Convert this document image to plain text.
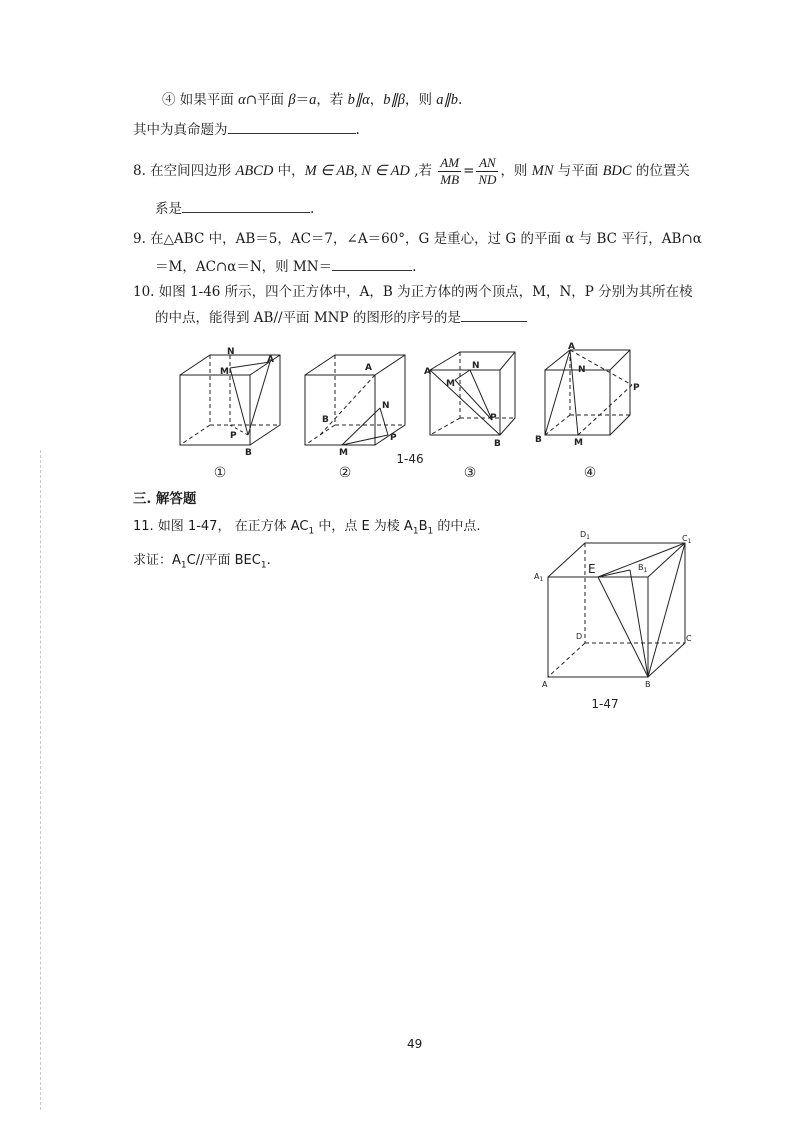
④ 如果平面 α∩平面 β＝a，若 b∥α，b∥β，则 a∥b.
其中为真命题为	.
8. 在空间四边形 ABCD 中，M ∈ AB, N ∈ AD ,若 $\frac{AM}{MB} = \frac{AN}{ND}$ ，则 MN 与平面 BDC 的位置关
系是	.
9. 在△ABC 中，AB＝5，AC＝7，∠A＝60°，G 是重心，过 G 的平面 α 与 BC 平行，AB∩α
＝M，AC∩α＝N，则 MN＝	.
10. 如图 1-46 所示，四个正方体中，A，B 为正方体的两个顶点，M，N，P 分别为其所在棱
的中点，能得到 AB//平面 MNP 的图形的序号的是
N
M
A
P
B
A
B
N
M
P
A
N
M
P
B
A
N
P
B	M
①	②	③	④
1-46
三. 解答题
11. 如图 1-47， 在正方体 $AC_1$ 中，点 E 为棱 $A_1B_1$ 的中点.
求证：$A_1C//$平面 $BEC_1$.
$A_1$
$D_1$	$C_1$
$B_1$
E
D	C
A	B
1-47
49
